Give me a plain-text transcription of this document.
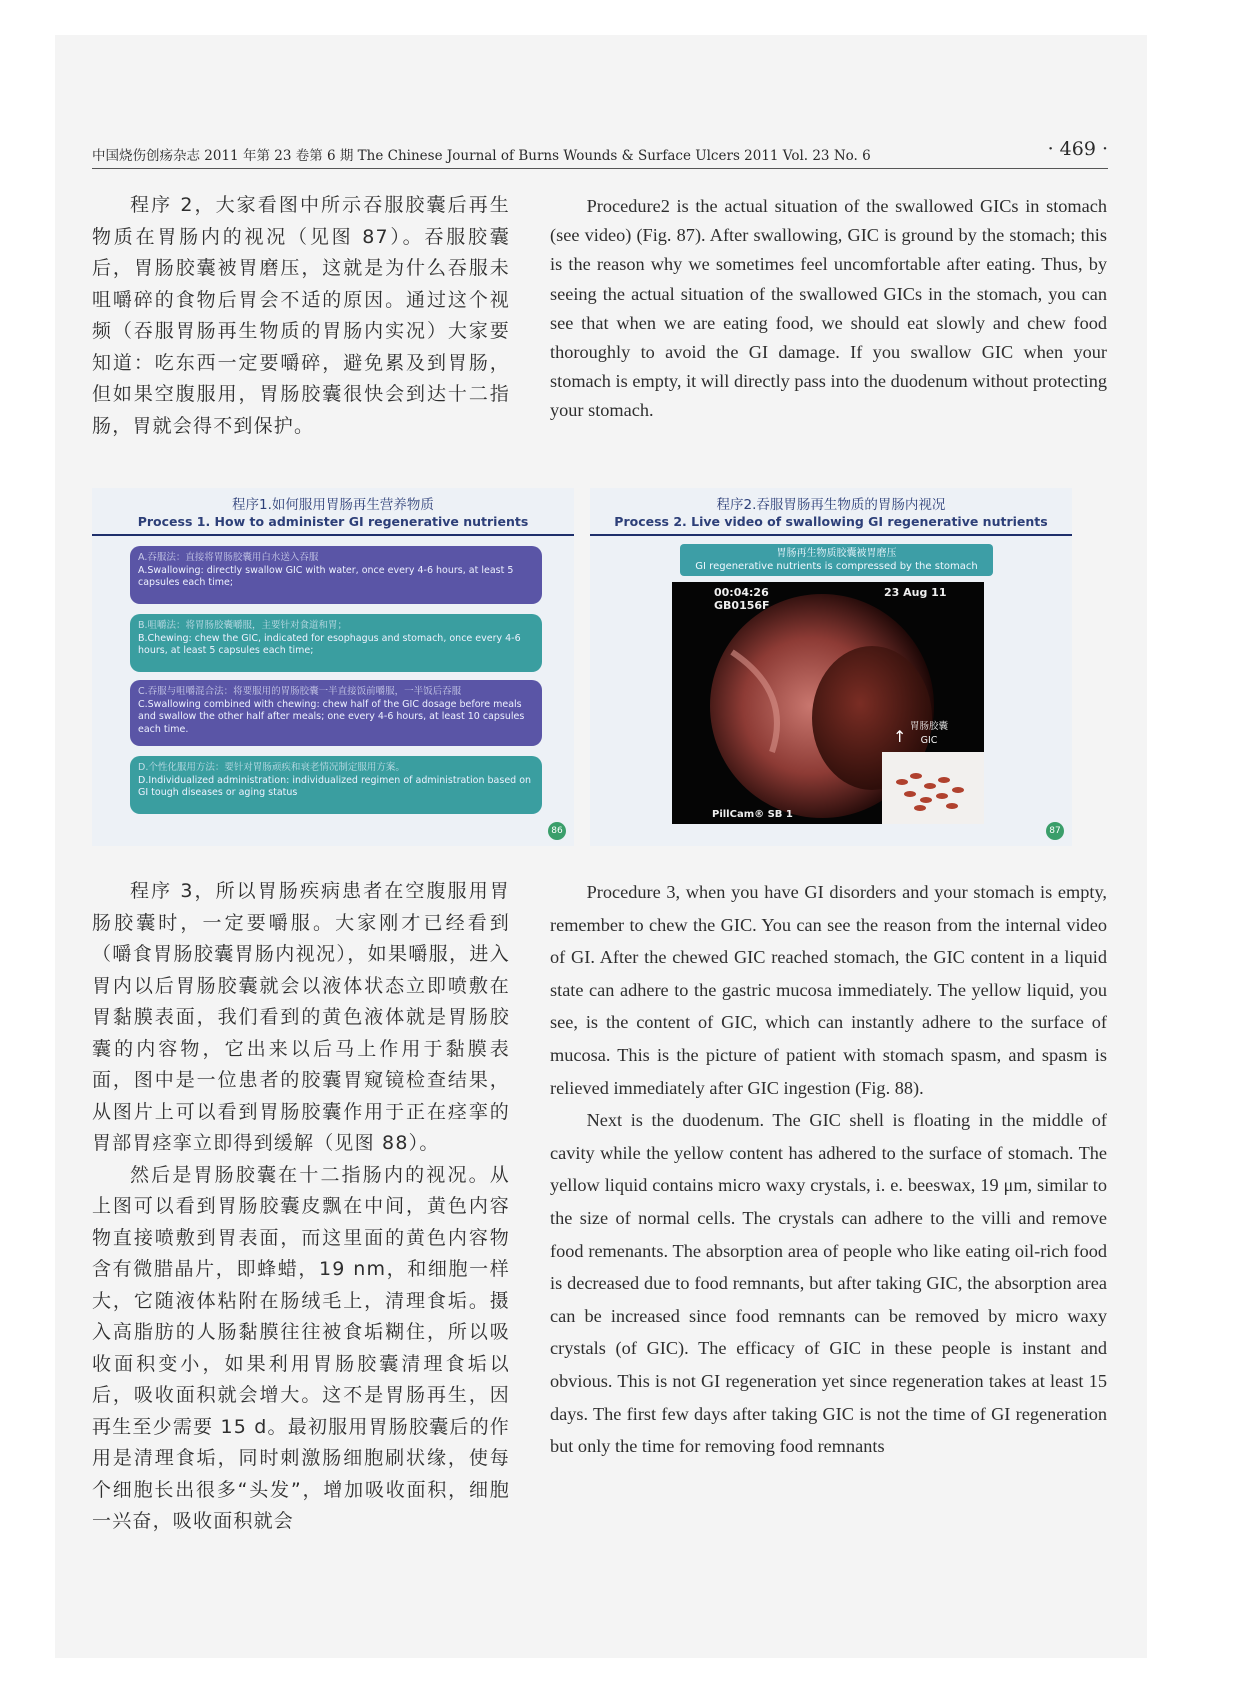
中国烧伤创疡杂志 2011 年第 23 卷第 6 期 The Chinese Journal of Burns Wounds & Surface Ulcers 2011 Vol. 23 No. 6	· 469 ·

程序 2，大家看图中所示吞服胶囊后再生物质在胃肠内的视况（见图 87）。吞服胶囊后，胃肠胶囊被胃磨压，这就是为什么吞服未咀嚼碎的食物后胃会不适的原因。通过这个视频（吞服胃肠再生物质的胃肠内实况）大家要知道：吃东西一定要嚼碎，避免累及到胃肠，但如果空腹服用，胃肠胶囊很快会到达十二指肠，胃就会得不到保护。

Procedure2 is the actual situation of the swallowed GICs in stomach (see video) (Fig. 87). After swallowing, GIC is ground by the stomach; this is the reason why we sometimes feel uncomfortable after eating. Thus, by seeing the actual situation of the swallowed GICs in the stomach, you can see that when we are eating food, we should eat slowly and chew food thoroughly to avoid the GI damage. If you swallow GIC when your stomach is empty, it will directly pass into the duodenum without protecting your stomach.

程序1.如何服用胃肠再生营养物质
Process 1. How to administer GI regenerative nutrients
A.吞服法：直接将胃肠胶囊用白水送入吞服
A.Swallowing: directly swallow GIC with water, once every 4-6 hours, at least 5 capsules each time;
B.咀嚼法：将胃肠胶囊嚼服，主要针对食道和胃；
B.Chewing: chew the GIC, indicated for esophagus and stomach, once every 4-6 hours, at least 5 capsules each time;
C.吞服与咀嚼混合法：将要服用的胃肠胶囊一半直接饭前嚼服，一半饭后吞服
C.Swallowing combined with chewing: chew half of the GIC dosage before meals and swallow the other half after meals; one every 4-6 hours, at least 10 capsules each time.
D.个性化服用方法：要针对胃肠顽疾和衰老情况制定服用方案。
D.Individualized administration: individualized regimen of administration based on GI tough diseases or aging status
86
程序2.吞服胃肠再生物质的胃肠内视况
Process 2. Live video of swallowing GI regenerative nutrients
胃肠再生物质胶囊被胃磨压
GI regenerative nutrients is compressed by the stomach
00:04:26
GB0156F
23 Aug 11
↑
胃肠胶囊
GIC
PillCam® SB 1
87

程序 3，所以胃肠疾病患者在空腹服用胃肠胶囊时，一定要嚼服。大家刚才已经看到（嚼食胃肠胶囊胃肠内视况），如果嚼服，进入胃内以后胃肠胶囊就会以液体状态立即喷敷在胃黏膜表面，我们看到的黄色液体就是胃肠胶囊的内容物，它出来以后马上作用于黏膜表面，图中是一位患者的胶囊胃窥镜检查结果，从图片上可以看到胃肠胶囊作用于正在痉挛的胃部胃痉挛立即得到缓解（见图 88）。

然后是胃肠胶囊在十二指肠内的视况。从上图可以看到胃肠胶囊皮飘在中间，黄色内容物直接喷敷到胃表面，而这里面的黄色内容物含有微腊晶片，即蜂蜡，19 nm，和细胞一样大，它随液体粘附在肠绒毛上，清理食垢。摄入高脂肪的人肠黏膜往往被食垢糊住，所以吸收面积变小，如果利用胃肠胶囊清理食垢以后，吸收面积就会增大。这不是胃肠再生，因再生至少需要 15 d。最初服用胃肠胶囊后的作用是清理食垢，同时刺激肠细胞刷状缘，使每个细胞长出很多“头发”，增加吸收面积，细胞一兴奋，吸收面积就会

Procedure 3, when you have GI disorders and your stomach is empty, remember to chew the GIC. You can see the reason from the internal video of GI. After the chewed GIC reached stomach, the GIC content in a liquid state can adhere to the gastric mucosa immediately. The yellow liquid, you see, is the content of GIC, which can instantly adhere to the surface of mucosa. This is the picture of patient with stomach spasm, and spasm is relieved immediately after GIC ingestion (Fig. 88).

Next is the duodenum. The GIC shell is floating in the middle of cavity while the yellow content has adhered to the surface of stomach. The yellow liquid contains micro waxy crystals, i. e. beeswax, 19 μm, similar to the size of normal cells. The crystals can adhere to the villi and remove food remenants. The absorption area of people who like eating oil-rich food is decreased due to food remnants, but after taking GIC, the absorption area can be increased since food remnants can be removed by micro waxy crystals (of GIC). The efficacy of GIC in these people is instant and obvious. This is not GI regeneration yet since regeneration takes at least 15 days. The first few days after taking GIC is not the time of GI regeneration but only the time for removing food remnants
